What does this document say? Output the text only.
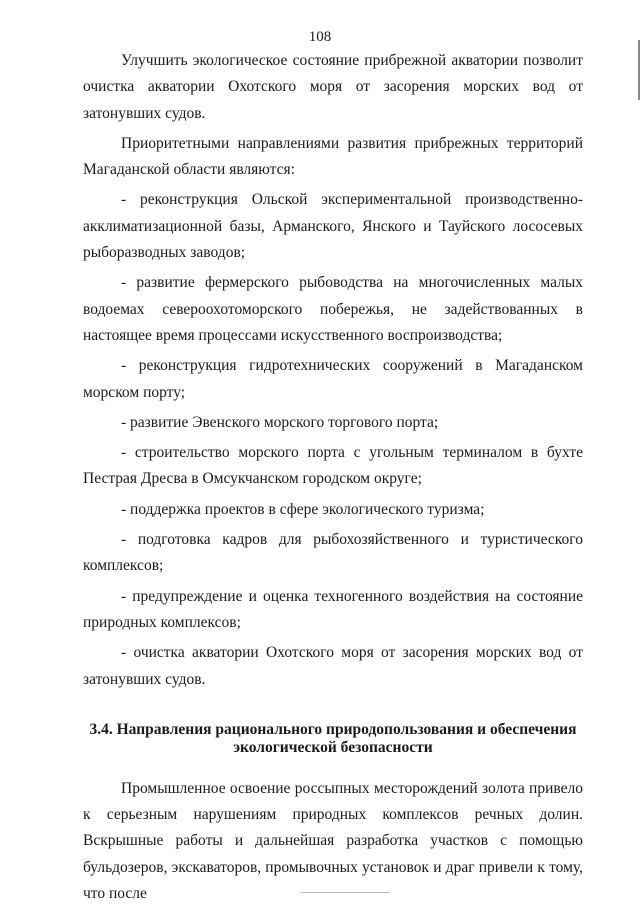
108

Улучшить экологическое состояние прибрежной акватории позволит очистка акватории Охотского моря от засорения морских вод от затонувших судов.

Приоритетными направлениями развития прибрежных территорий Магаданской области являются:

- реконструкция Ольской экспериментальной производственно-акклиматизационной базы, Арманского, Янского и Тауйского лососевых рыборазводных заводов;

- развитие фермерского рыбоводства на многочисленных малых водоемах североохотоморского побережья, не задействованных в настоящее время процессами искусственного воспроизводства;

- реконструкция гидротехнических сооружений в Магаданском морском порту;

- развитие Эвенского морского торгового порта;

- строительство морского порта с угольным терминалом в бухте Пестрая Дресва в Омсукчанском городском округе;

- поддержка проектов в сфере экологического туризма;

- подготовка кадров для рыбохозяйственного и туристического комплексов;

- предупреждение и оценка техногенного воздействия на состояние природных комплексов;

- очистка акватории Охотского моря от засорения морских вод от затонувших судов.

3.4. Направления рационального природопользования и обеспечения
экологической безопасности

Промышленное освоение россыпных месторождений золота привело к серьезным нарушениям природных комплексов речных долин. Вскрышные работы и дальнейшая разработка участков с помощью бульдозеров, экскаваторов, промывочных установок и драг привели к тому, что после
